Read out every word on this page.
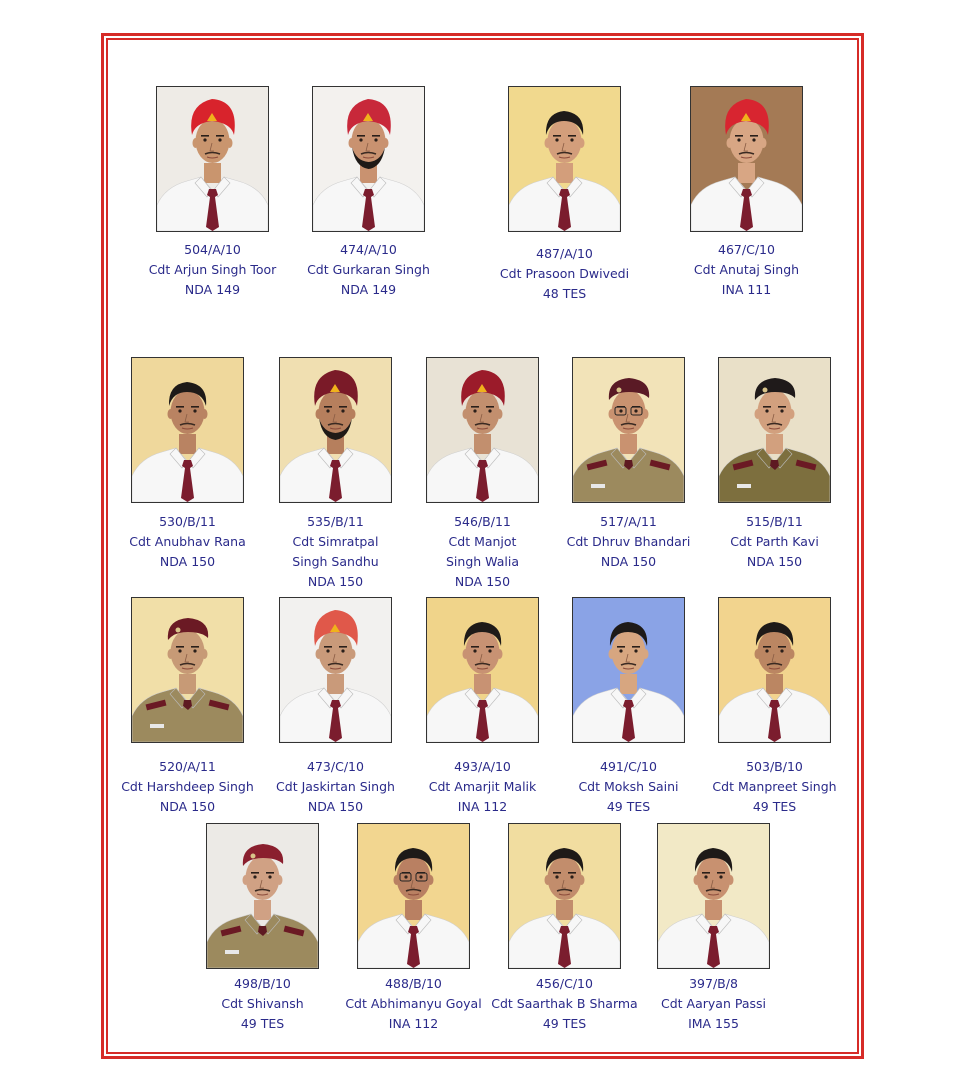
504/A/10
Cdt Arjun Singh Toor
NDA 149
474/A/10
Cdt Gurkaran Singh
NDA 149
487/A/10
Cdt Prasoon Dwivedi
48 TES
467/C/10
Cdt Anutaj Singh
INA 111
530/B/11
Cdt Anubhav Rana
NDA 150
535/B/11
Cdt Simratpal
Singh Sandhu
NDA 150
546/B/11
Cdt Manjot
Singh Walia
NDA 150
517/A/11
Cdt Dhruv Bhandari
NDA 150
515/B/11
Cdt Parth Kavi
NDA 150
520/A/11
Cdt Harshdeep Singh
NDA 150
473/C/10
Cdt Jaskirtan Singh
NDA 150
493/A/10
Cdt Amarjit Malik
INA 112
491/C/10
Cdt Moksh Saini
49 TES
503/B/10
Cdt Manpreet Singh
49 TES
498/B/10
Cdt Shivansh
49 TES
488/B/10
Cdt Abhimanyu Goyal
INA 112
456/C/10
Cdt Saarthak B Sharma
49 TES
397/B/8
Cdt Aaryan Passi
IMA 155
